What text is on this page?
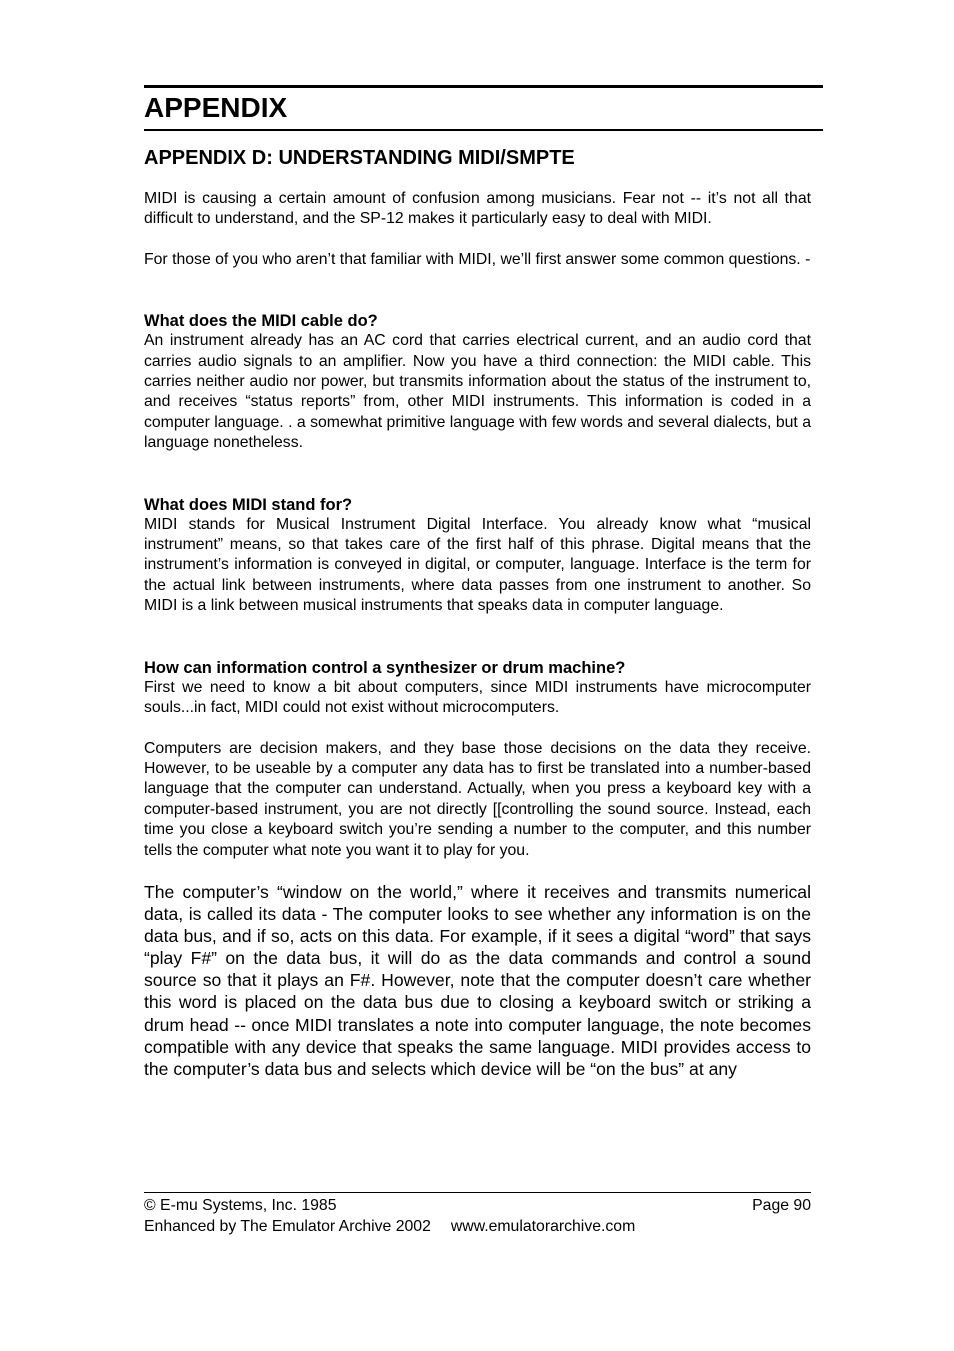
APPENDIX
APPENDIX D: UNDERSTANDING MIDI/SMPTE

MIDI is causing a certain amount of confusion among musicians. Fear not -- it’s not all that difficult to understand, and the SP-12 makes it particularly easy to deal with MIDI.

For those of you who aren’t that familiar with MIDI, we’ll first answer some common questions. -

What does the MIDI cable do?

An instrument already has an AC cord that carries electrical current, and an audio cord that carries audio signals to an amplifier. Now you have a third connection: the MIDI cable. This carries neither audio nor power, but transmits information about the status of the instrument to, and receives “status reports” from, other MIDI instruments. This information is coded in a computer language. . a somewhat primitive language with few words and several dialects, but a language nonetheless.

What does MIDI stand for?

MIDI stands for Musical Instrument Digital Interface. You already know what “musical instrument” means, so that takes care of the first half of this phrase. Digital means that the instrument’s information is conveyed in digital, or computer, language. Interface is the term for the actual link between instruments, where data passes from one instrument to another. So MIDI is a link between musical instruments that speaks data in computer language.

How can information control a synthesizer or drum machine?

First we need to know a bit about computers, since MIDI instruments have microcomputer souls...in fact, MIDI could not exist without microcomputers.

Computers are decision makers, and they base those decisions on the data they receive. However, to be useable by a computer any data has to first be translated into a number-based language that the computer can understand. Actually, when you press a keyboard key with a computer-based instrument, you are not directly [[controlling the sound source. Instead, each time you close a keyboard switch you’re sending a number to the computer, and this number tells the computer what note you want it to play for you.

The computer’s “window on the world,” where it receives and transmits numerical data, is called its data - The computer looks to see whether any information is on the data bus, and if so, acts on this data. For example, if it sees a digital “word” that says “play F#” on the data bus, it will do as the data commands and control a sound source so that it plays an F#. However, note that the computer doesn’t care whether this word is placed on the data bus due to closing a keyboard switch or striking a drum head -- once MIDI translates a note into computer language, the note becomes compatible with any device that speaks the same language. MIDI provides access to the computer’s data bus and selects which device will be “on the bus” at any

© E-mu Systems, Inc. 1985	Page 90
Enhanced by The Emulator Archive 2002 www.emulatorarchive.com
